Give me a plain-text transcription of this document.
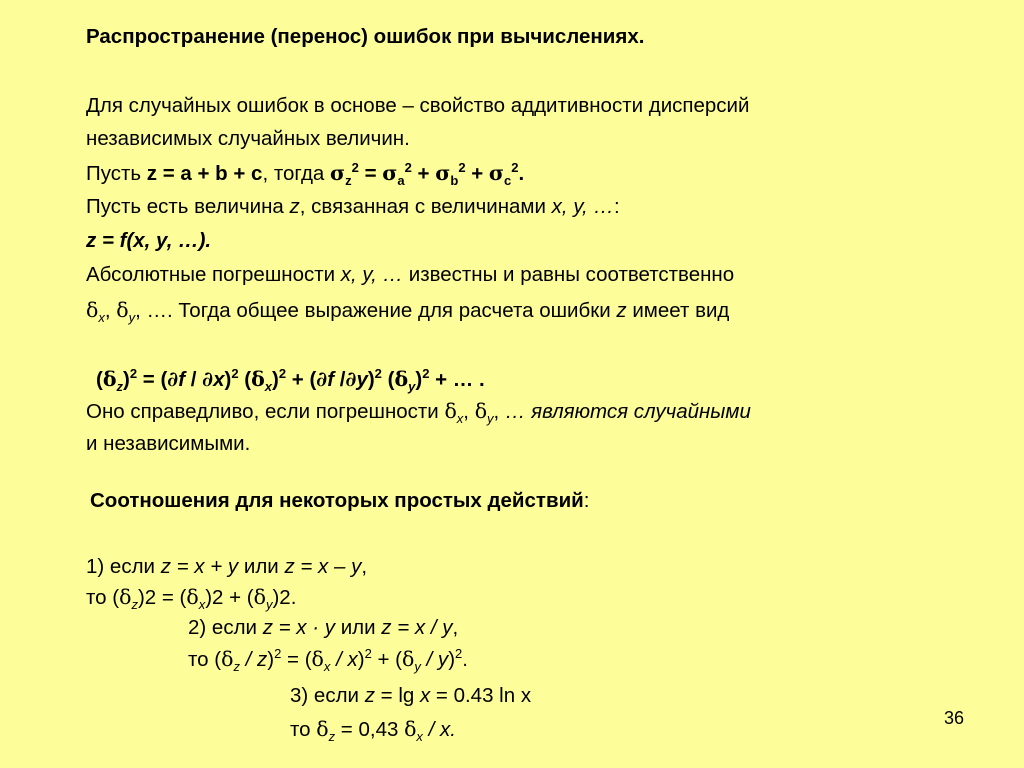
Распространение (перенос) ошибок при вычислениях.
Для случайных ошибок в основе – свойство аддитивности дисперсий
независимых случайных величин.
Пусть z = a + b + c, тогда $\sigma_z^2 = \sigma_a^2 + \sigma_b^2 + \sigma_c^2$.
Пусть есть величина z, связанная с величинами x, y, …:
z = f(x, y, …).
Абсолютные погрешности x, y, … известны и равны соответственно
$\delta_x$, $\delta_y$, …. Тогда общее выражение для расчета ошибки z имеет вид
$(\delta_z)^2 = (\partial f / \partial x)^2$ $(\delta_x)^2 + (\partial f$ /∂y)$^2$ $(\delta_y)^2$ + … .
Оно справедливо, если погрешности $\delta_x$, $\delta_y$, … являются случайными
и независимыми.
Соотношения для некоторых простых действий:
1) если z = x + y или z = x – y,
то $(\delta_z)2 = (\delta_x)2 + (\delta_y)2$.
2) если z = x · y или z = x / y,
то $(\delta_z / z)^2 = (\delta_x / x)^2 + (\delta_y / y)^2$.
3) если z = lg x = 0.43 ln x
то $\delta_z = 0,43$ $\delta_x$ / x.	36
